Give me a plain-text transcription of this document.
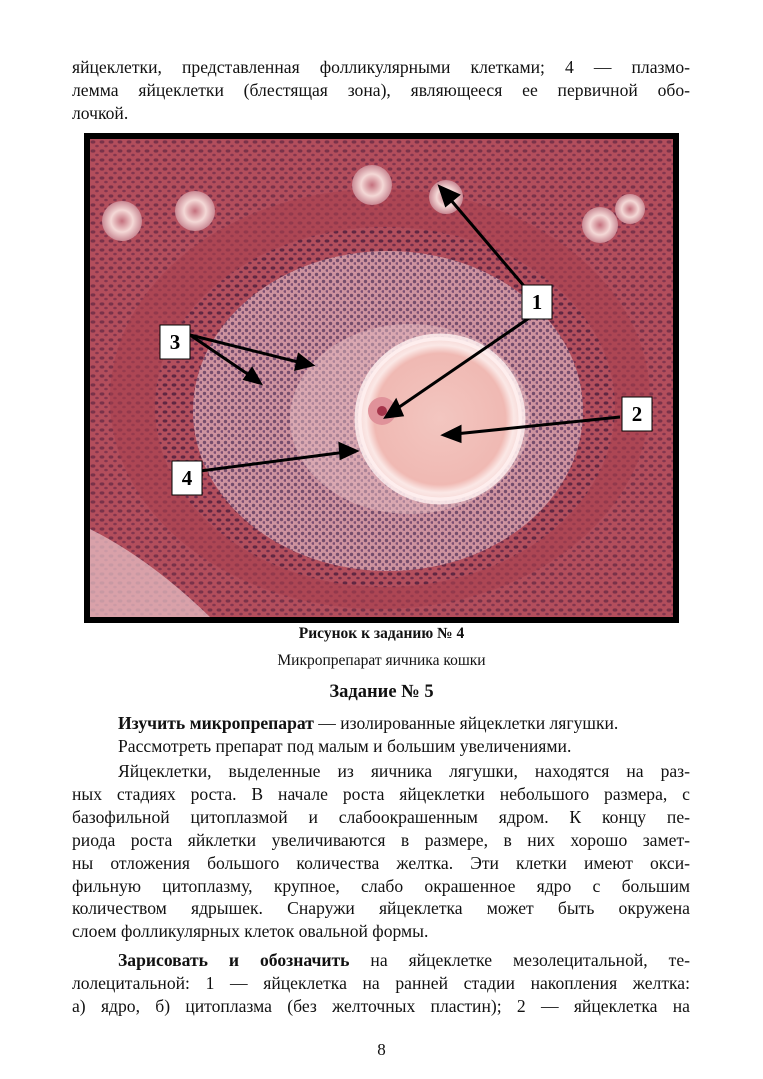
яйцеклетки, представленная фолликулярными клетками; 4 — плазмо-
лемма яйцеклетки (блестящая зона), являющееся ее первичной обо-
лочкой.

1
2
3
4
Рисунок к заданию № 4
Микропрепарат яичника кошки
Задание № 5

Изучить микропрепарат — изолированные яйцеклетки лягушки.
Рассмотреть препарат под малым и большим увеличениями.

Яйцеклетки, выделенные из яичника лягушки, находятся на раз-
ных стадиях роста. В начале роста яйцеклетки небольшого размера, с
базофильной цитоплазмой и слабоокрашенным ядром. К концу пе-
риода роста яйклетки увеличиваются в размере, в них хорошо замет-
ны отложения большого количества желтка. Эти клетки имеют окси-
фильную цитоплазму, крупное, слабо окрашенное ядро с большим
количеством ядрышек. Снаружи яйцеклетка может быть окружена
слоем фолликулярных клеток овальной формы.

Зарисовать и обозначить на яйцеклетке мезолецитальной, те-
лолецитальной: 1 — яйцеклетка на ранней стадии накопления желтка:
а) ядро, б) цитоплазма (без желточных пластин); 2 — яйцеклетка на

8
